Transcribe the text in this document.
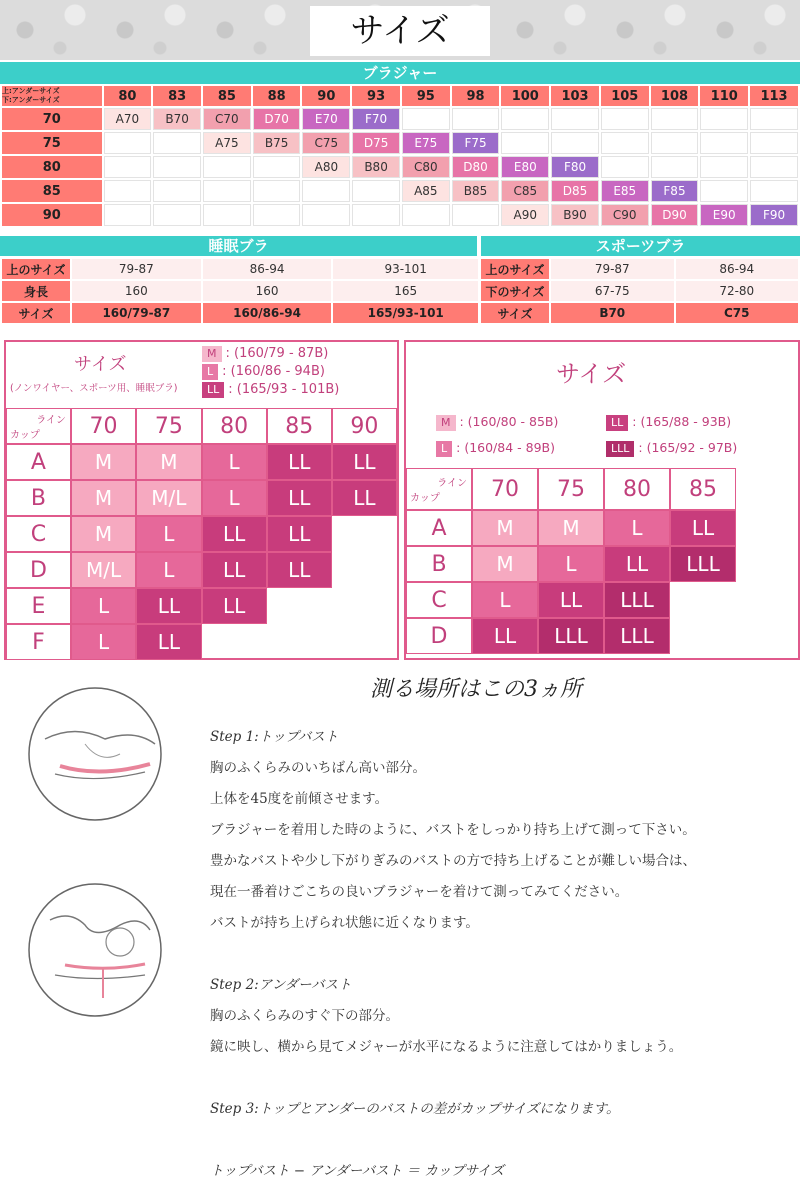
サイズ
ブラジャー
上:アンダーサイズ
下:アンダーサイズ	80	83	85	88	90	93	95	98	100	103	105	108	110	113
70	A70	B70	C70	D70	E70	F70								
75			A75	B75	C75	D75	E75	F75						
80					A80	B80	C80	D80	E80	F80				
85							A85	B85	C85	D85	E85	F85		
90									A90	B90	C90	D90	E90	F90
睡眠ブラ
上のサイズ	79-87	86-94	93-101
身長	160	160	165
サイズ	160/79-87	160/86-94	165/93-101
スポーツブラ
上のサイズ	79-87	86-94
下のサイズ	67-75	72-80
サイズ	B70	C75
サイズ
(ノンワイヤー、スポーツ用、睡眠ブラ)
M : (160/79 - 87B)
L : (160/86 - 94B)
LL : (165/93 - 101B)
ライン
カップ	70	75	80	85	90
A	M	M	L	LL	LL
B	M	M/L	L	LL	LL
C	M	L	LL	LL	
D	M/L	L	LL	LL	
E	L	LL	LL		
F	L	LL			
サイズ
M : (160/80 - 85B)	LL : (165/88 - 93B)
L : (160/84 - 89B)	LLL : (165/92 - 97B)
ライン
カップ	70	75	80	85
A	M	M	L	LL
B	M	L	LL	LLL
C	L	LL	LLL	
D	LL	LLL	LLL	
測る場所はこの3ヵ所
Step 1:トップバスト
胸のふくらみのいちばん高い部分。
上体を45度を前傾させます。
ブラジャーを着用した時のように、バストをしっかり持ち上げて測って下さい。
豊かなバストや少し下がりぎみのバストの方で持ち上げることが難しい場合は、
現在一番着けごこちの良いブラジャーを着けて測ってみてください。
バストが持ち上げられ状態に近くなります。
Step 2:アンダーバスト
胸のふくらみのすぐ下の部分。
鏡に映し、横から見てメジャーが水平になるように注意してはかりましょう。
Step 3:トップとアンダーのバストの差がカップサイズになります。
トップバスト − アンダーバスト ＝ カップサイズ
